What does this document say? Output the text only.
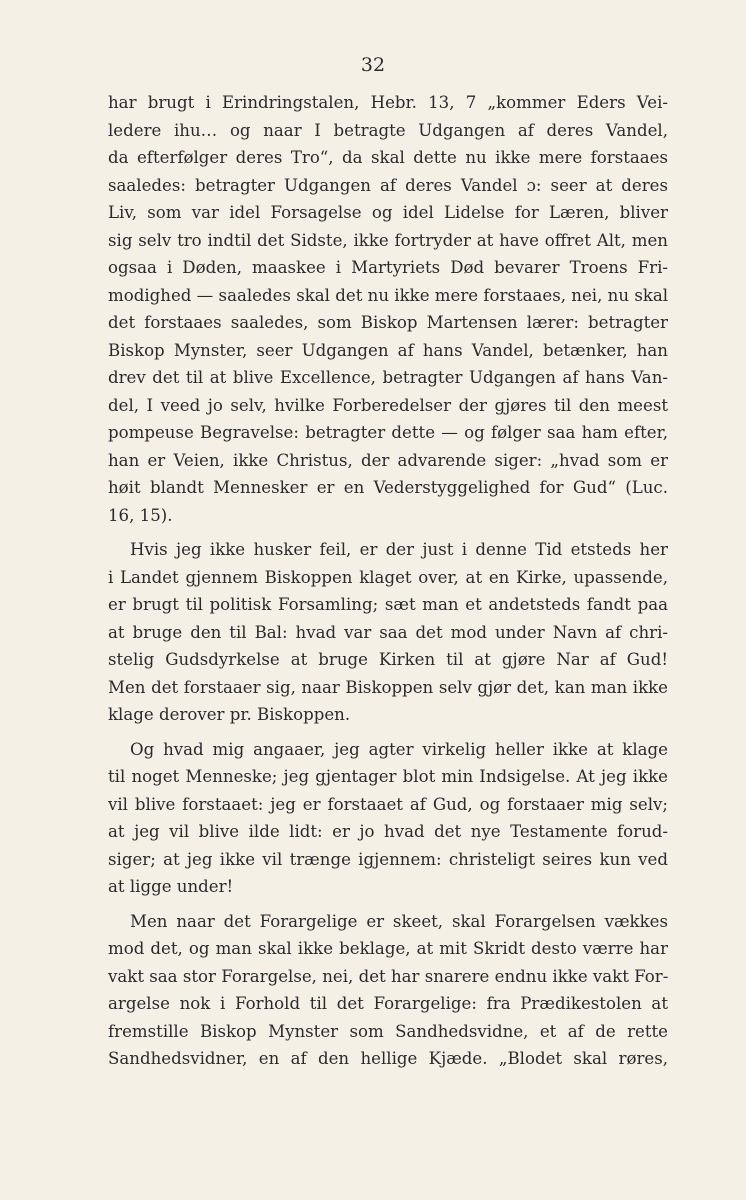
32
har brugt i Erindringstalen, Hebr. 13, 7 „kommer Eders Vei-
ledere ihu… og naar I betragte Udgangen af deres Vandel,
da efterfølger deres Tro“, da skal dette nu ikke mere forstaaes
saaledes: betragter Udgangen af deres Vandel ɔ: seer at deres
Liv, som var idel Forsagelse og idel Lidelse for Læren, bliver
sig selv tro indtil det Sidste, ikke fortryder at have offret Alt, men
ogsaa i Døden, maaskee i Martyriets Død bevarer Troens Fri-
modighed — saaledes skal det nu ikke mere forstaaes, nei, nu skal
det forstaaes saaledes, som Biskop Martensen lærer: betragter
Biskop Mynster, seer Udgangen af hans Vandel, betænker, han
drev det til at blive Excellence, betragter Udgangen af hans Van-
del, I veed jo selv, hvilke Forberedelser der gjøres til den meest
pompeuse Begravelse: betragter dette — og følger saa ham efter,
han er Veien, ikke Christus, der advarende siger: „hvad som er
høit blandt Mennesker er en Vederstyggelighed for Gud“ (Luc.
16, 15).
Hvis jeg ikke husker feil, er der just i denne Tid etsteds her
i Landet gjennem Biskoppen klaget over, at en Kirke, upassende,
er brugt til politisk Forsamling; sæt man et andetsteds fandt paa
at bruge den til Bal: hvad var saa det mod under Navn af chri-
stelig Gudsdyrkelse at bruge Kirken til at gjøre Nar af Gud!
Men det forstaaer sig, naar Biskoppen selv gjør det, kan man ikke
klage derover pr. Biskoppen.
Og hvad mig angaaer, jeg agter virkelig heller ikke at klage
til noget Menneske; jeg gjentager blot min Indsigelse. At jeg ikke
vil blive forstaaet: jeg er forstaaet af Gud, og forstaaer mig selv;
at jeg vil blive ilde lidt: er jo hvad det nye Testamente forud-
siger; at jeg ikke vil trænge igjennem: christeligt seires kun ved
at ligge under!
Men naar det Forargelige er skeet, skal Forargelsen vækkes
mod det, og man skal ikke beklage, at mit Skridt desto værre har
vakt saa stor Forargelse, nei, det har snarere endnu ikke vakt For-
argelse nok i Forhold til det Forargelige: fra Prædikestolen at
fremstille Biskop Mynster som Sandhedsvidne, et af de rette
Sandhedsvidner, en af den hellige Kjæde. „Blodet skal røres,
